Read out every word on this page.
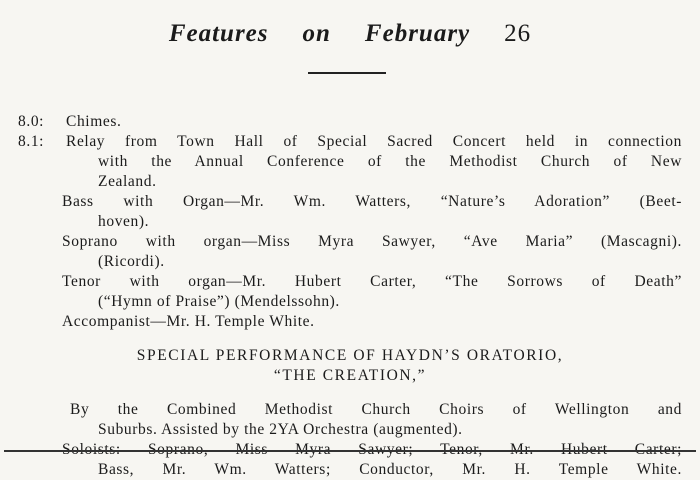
Features on February 26
8.0:	Chimes.
8.1:	Relay from Town Hall of Special Sacred Concert held in connection
with the Annual Conference of the Methodist Church of New
Zealand.
Bass with Organ—Mr. Wm. Watters, “Nature’s Adoration” (Beet-
hoven).
Soprano with organ—Miss Myra Sawyer, “Ave Maria” (Mascagni).
(Ricordi).
Tenor with organ—Mr. Hubert Carter, “The Sorrows of Death”
(“Hymn of Praise”) (Mendelssohn).
Accompanist—Mr. H. Temple White.
SPECIAL PERFORMANCE OF HAYDN’S ORATORIO,
“THE CREATION,”
By the Combined Methodist Church Choirs of Wellington and
Suburbs. Assisted by the 2YA Orchestra (augmented).
Bass, Mr. Wm. Watters; Conductor, Mr. H. Temple White.
